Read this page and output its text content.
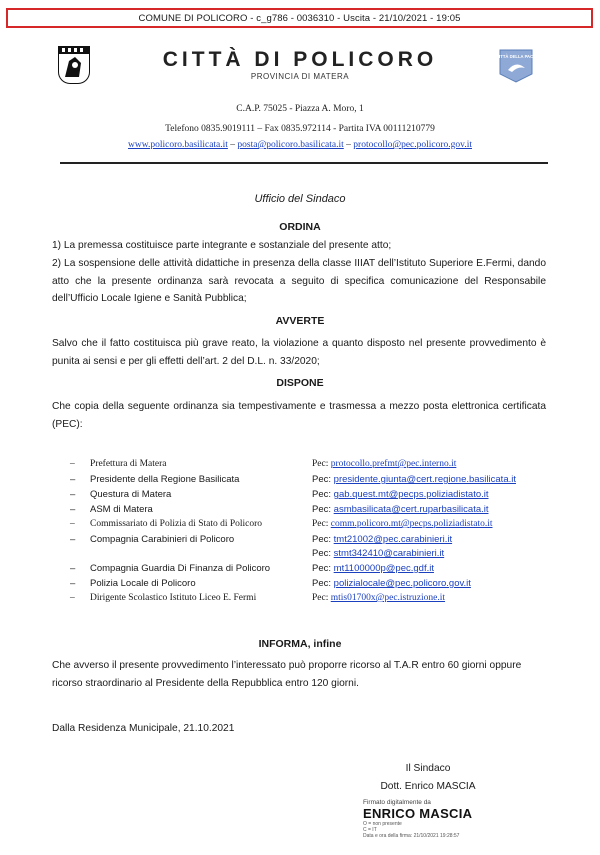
COMUNE DI POLICORO - c_g786 - 0036310 - Uscita - 21/10/2021 - 19:05
CITTÀ DI POLICORO
PROVINCIA DI MATERA
CITTÀ DELLA PACE
C.A.P. 75025 - Piazza A. Moro, 1
Telefono 0835.9019111 – Fax 0835.972114 - Partita IVA 00111210779
www.policoro.basilicata.it – posta@policoro.basilicata.it – protocollo@pec.policoro.gov.it
Ufficio del Sindaco
ORDINA
1) La premessa costituisce parte integrante e sostanziale del presente atto;
2) La sospensione delle attività didattiche in presenza della classe IIIAT dell’Istituto Superiore E.Fermi, dando atto che la presente ordinanza sarà revocata a seguito di specifica comunicazione del Responsabile dell’Ufficio Locale Igiene e Sanità Pubblica;
AVVERTE
Salvo che il fatto costituisca più grave reato, la violazione a quanto disposto nel presente provvedimento è punita ai sensi e per gli effetti dell’art. 2 del D.L. n. 33/2020;
DISPONE
Che copia della seguente ordinanza sia tempestivamente e trasmessa a mezzo posta elettronica certificata (PEC):
– Prefettura di Matera	Pec: protocollo.prefmt@pec.interno.it
– Presidente della Regione Basilicata	Pec: presidente.giunta@cert.regione.basilicata.it
– Questura di Matera	Pec: gab.quest.mt@pecps.poliziadistato.it
– ASM di Matera	Pec: asmbasilicata@cert.ruparbasilicata.it
– Commissariato di Polizia di Stato di Policoro	Pec: comm.policoro.mt@pecps.poliziadistato.it
– Compagnia Carabinieri di Policoro	Pec: tmt21002@pec.carabinieri.it
Pec: stmt342410@carabinieri.it
– Compagnia Guardia Di Finanza di Policoro	Pec: mt1100000p@pec.gdf.it
– Polizia Locale di Policoro	Pec: polizialocale@pec.policoro.gov.it
– Dirigente Scolastico Istituto Liceo E. Fermi	Pec: mtis01700x@pec.istruzione.it
INFORMA, infine
Che avverso il presente provvedimento l’interessato può proporre ricorso al T.A.R entro 60 giorni oppure ricorso straordinario al Presidente della Repubblica entro 120 giorni.
Dalla Residenza Municipale, 21.10.2021
Il Sindaco
Dott. Enrico MASCIA
Firmato digitalmente da
ENRICO MASCIA
O = non presente
C = IT
Data e ora della firma: 21/10/2021 19:28:57
